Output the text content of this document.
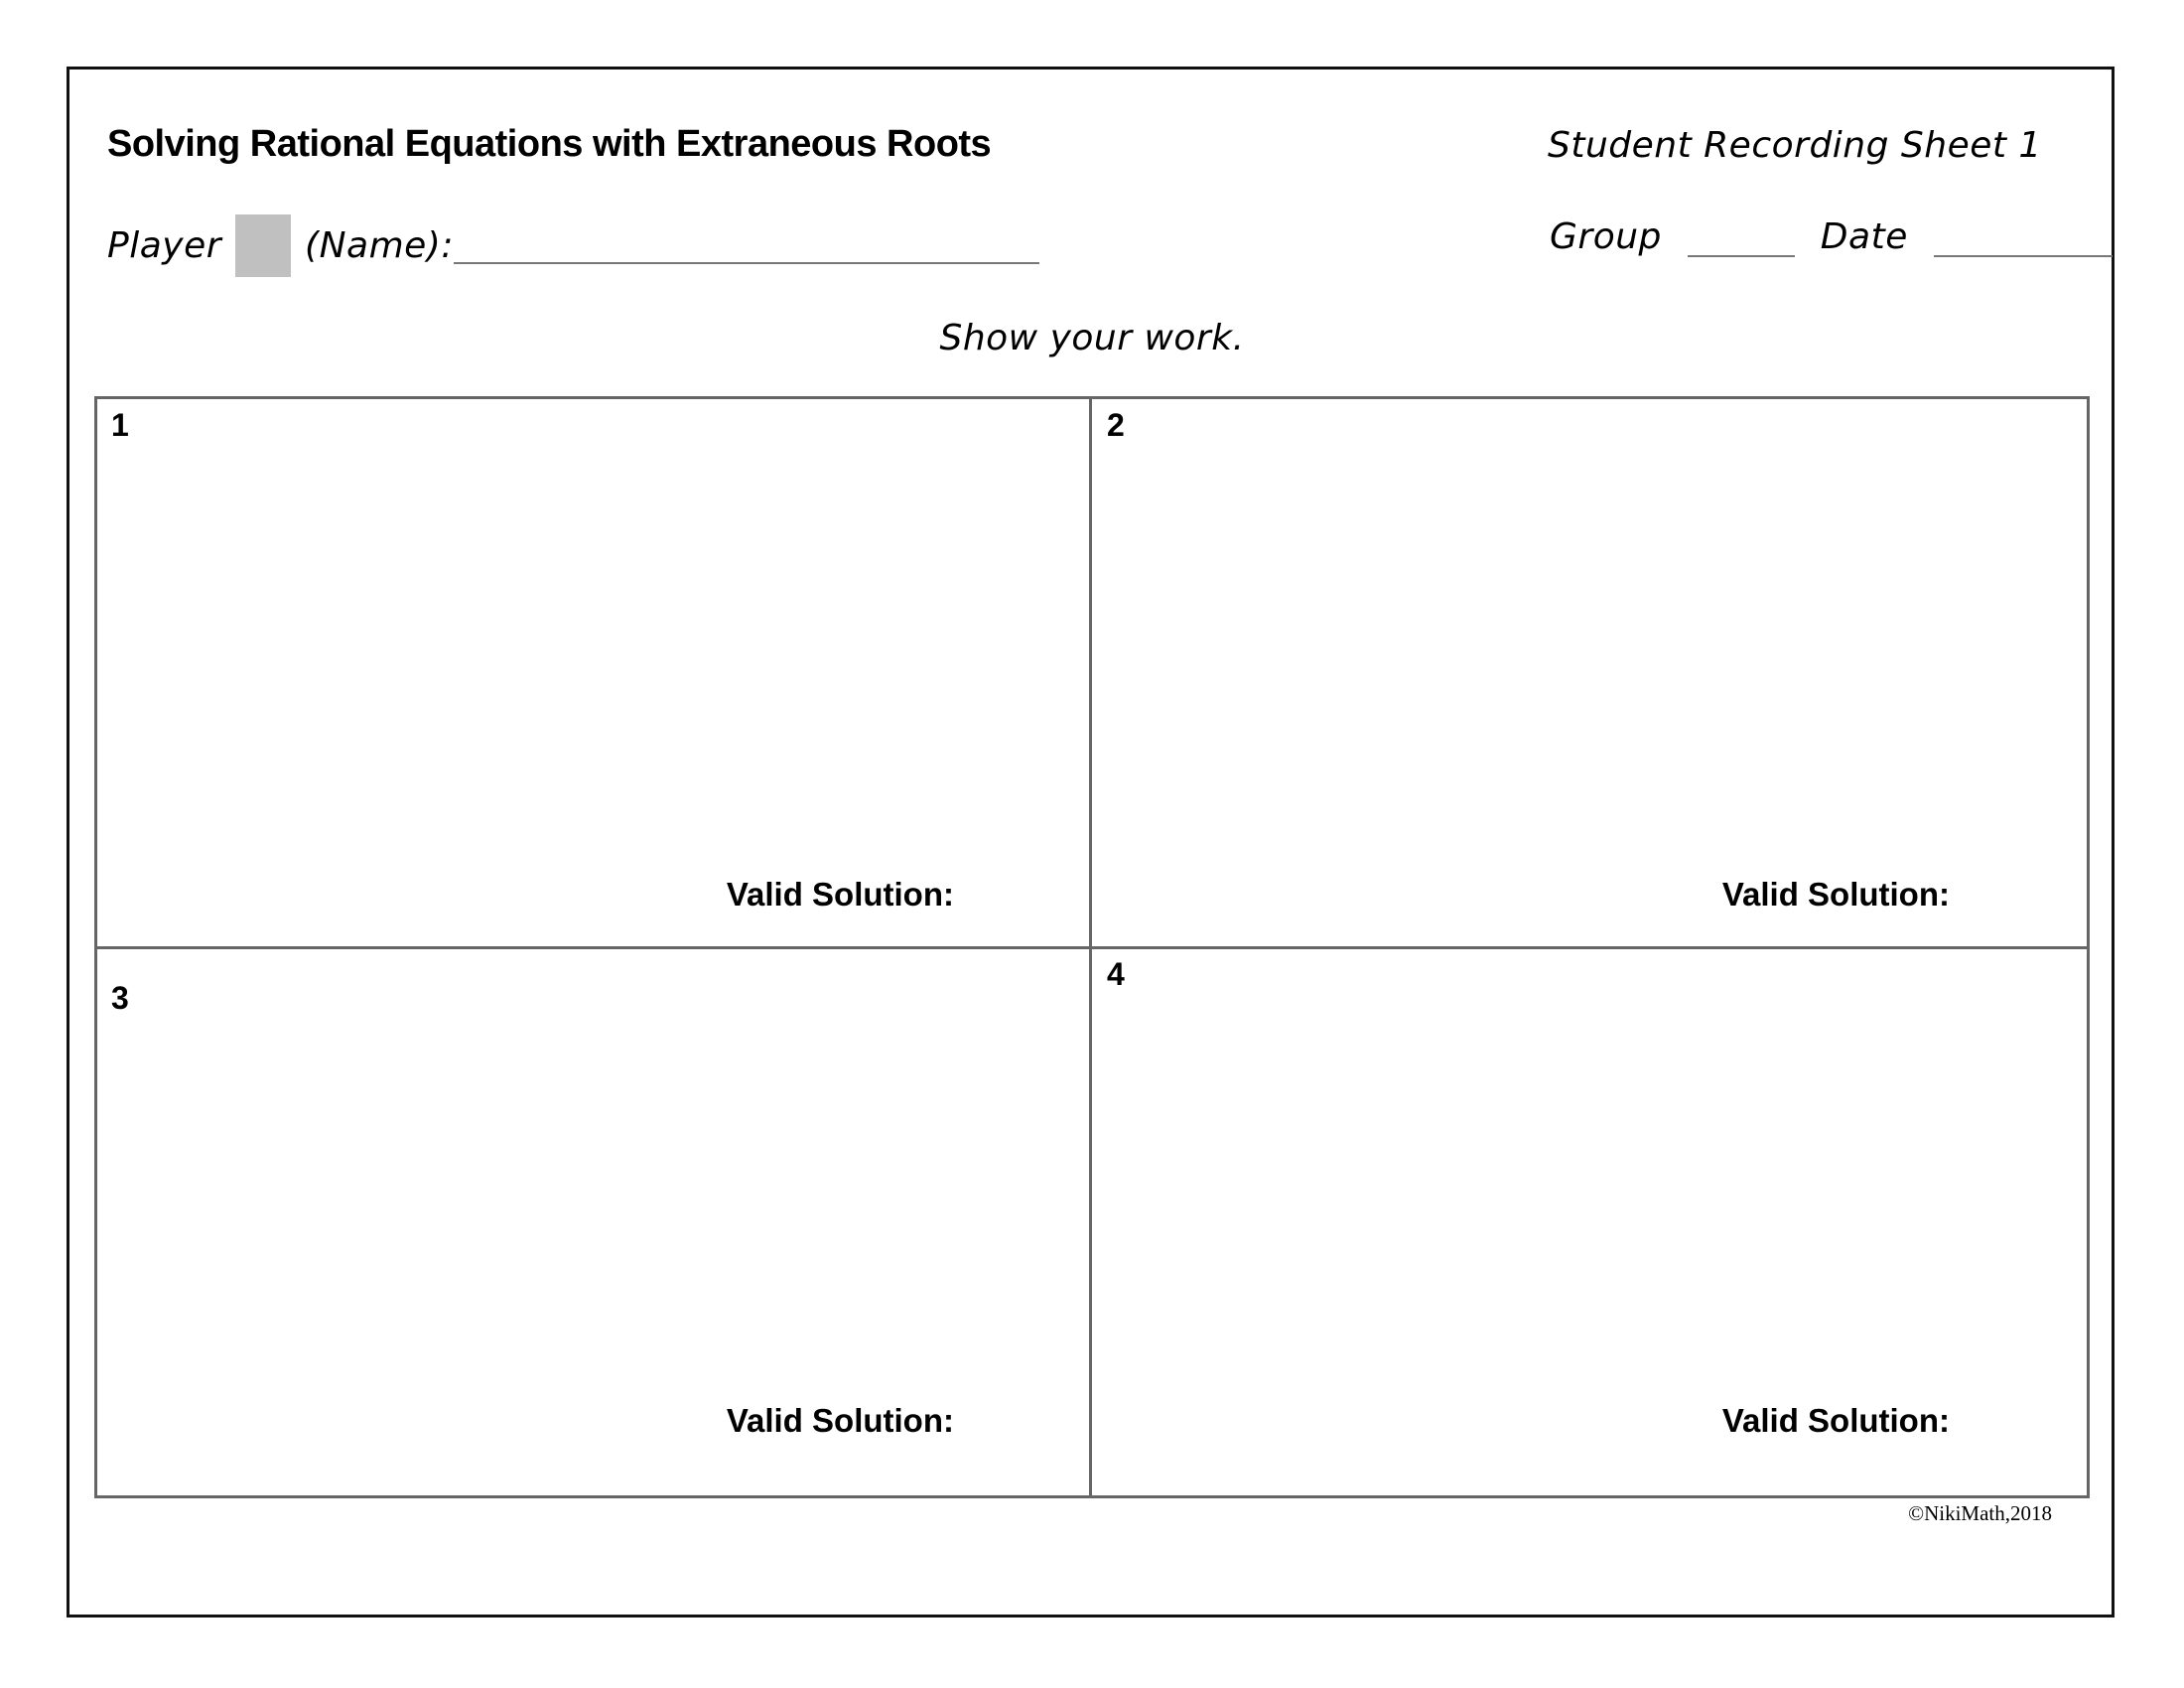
Solving Rational Equations with Extraneous Roots	Student Recording Sheet 1
Player (Name):	Group	Date
Show your work.
1	2
3
4
Valid Solution:	Valid Solution:
Valid Solution:	Valid Solution:
©NikiMath,2018
